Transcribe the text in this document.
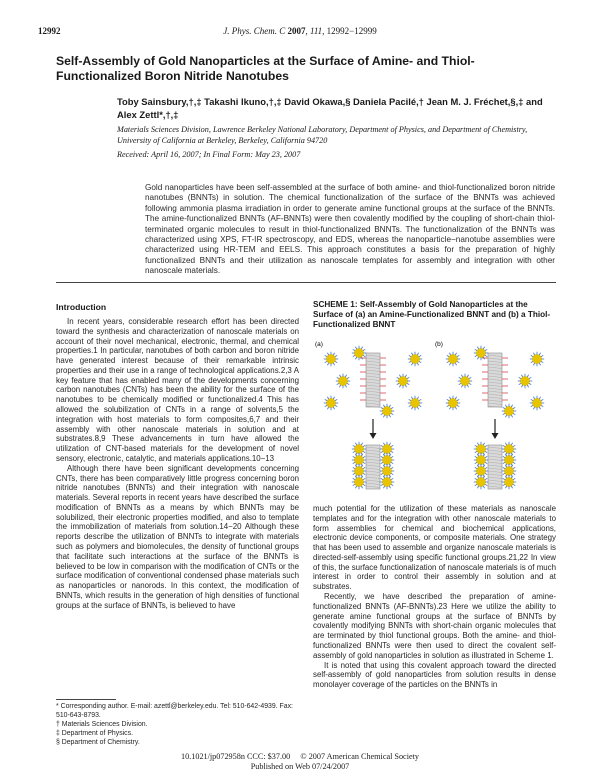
12992	J. Phys. Chem. C 2007, 111, 12992−12999
Self-Assembly of Gold Nanoparticles at the Surface of Amine- and Thiol-Functionalized Boron Nitride Nanotubes
Toby Sainsbury,†,‡ Takashi Ikuno,†,‡ David Okawa,§ Daniela Pacilé,† Jean M. J. Fréchet,§,‡ and Alex Zettl*,†,‡
Materials Sciences Division, Lawrence Berkeley National Laboratory, Department of Physics, and Department of Chemistry, University of California at Berkeley, Berkeley, California 94720
Received: April 16, 2007; In Final Form: May 23, 2007
Gold nanoparticles have been self-assembled at the surface of both amine- and thiol-functionalized boron nitride nanotubes (BNNTs) in solution. The chemical functionalization of the surface of the BNNTs was achieved following ammonia plasma irradiation in order to generate amine functional groups at the surface of the BNNTs. The amine-functionalized BNNTs (AF-BNNTs) were then covalently modified by the coupling of short-chain thiol-terminated organic molecules to result in thiol-functionalized BNNTs. The functionalization of the BNNTs was characterized using XPS, FT-IR spectroscopy, and EDS, whereas the nanoparticle−nanotube assemblies were characterized using HR-TEM and EELS. This approach constitutes a basis for the preparation of highly functionalized BNNTs and their utilization as nanoscale templates for assembly and integration with other nanoscale materials.
Introduction

In recent years, considerable research effort has been directed toward the synthesis and characterization of nanoscale materials on account of their novel mechanical, electronic, thermal, and chemical properties.1 In particular, nanotubes of both carbon and boron nitride have generated interest because of their remarkable intrinsic properties and their use in a range of technological applications.2,3 A key feature that has enabled many of the developments concerning carbon nanotubes (CNTs) has been the ability for the surface of the nanotubes to be chemically modified or functionalized.4 This has allowed the solubilization of CNTs in a range of solvents,5 the integration with host materials to form composites,6,7 and their assembly with other nanoscale materials in solution and at substrates.8,9 These advancements in turn have allowed the utilization of CNT-based materials for the development of novel sensory, electronic, catalytic, and materials applications.10−13

Although there have been significant developments concerning CNTs, there has been comparatively little progress concerning boron nitride nanotubes (BNNTs) and their integration with nanoscale materials. Several reports in recent years have described the surface modification of BNNTs as a means by which BNNTs may be solubilized, their electronic properties modified, and also to template the immobilization of materials from solution.14−20 Although these reports describe the utilization of BNNTs to integrate with materials such as polymers and biomolecules, the density of functional groups that facilitate such interactions at the surface of the BNNTs is believed to be low in comparison with the modification of CNTs or the surface modification of conventional condensed phase materials such as nanoparticles or nanorods. In this context, the modification of BNNTs, which results in the generation of high densities of functional groups at the surface of BNNTs, is believed to have

* Corresponding author. E-mail: azettl@berkeley.edu. Tel: 510-642-4939. Fax: 510-643-8793.
† Materials Sciences Division.
‡ Department of Physics.
§ Department of Chemistry.
SCHEME 1: Self-Assembly of Gold Nanoparticles at the Surface of (a) an Amine-Functionalized BNNT and (b) a Thiol-Functionalized BNNT
(a)	(b)

much potential for the utilization of these materials as nanoscale templates and for the integration with other nanoscale materials to form assemblies for chemical and biochemical applications, electronic device components, or composite materials. One strategy that has been used to assemble and organize nanoscale materials is directed-self-assembly using specific functional groups.21,22 In view of this, the surface functionalization of nanoscale materials is of much interest in order to control their assembly in solution and at substrates.

Recently, we have described the preparation of amine-functionalized BNNTs (AF-BNNTs).23 Here we utilize the ability to generate amine functional groups at the surface of BNNTs by covalently modifying BNNTs with short-chain organic molecules that are terminated by thiol functional groups. Both the amine- and thiol-functionalized BNNTs were then used to direct the covalent self-assembly of gold nanoparticles in solution as illustrated in Scheme 1.

It is noted that using this covalent approach toward the directed self-assembly of gold nanoparticles from solution results in dense monolayer coverage of the particles on the BNNTs in

10.1021/jp072958n CCC: $37.00     © 2007 American Chemical Society
Published on Web 07/24/2007
